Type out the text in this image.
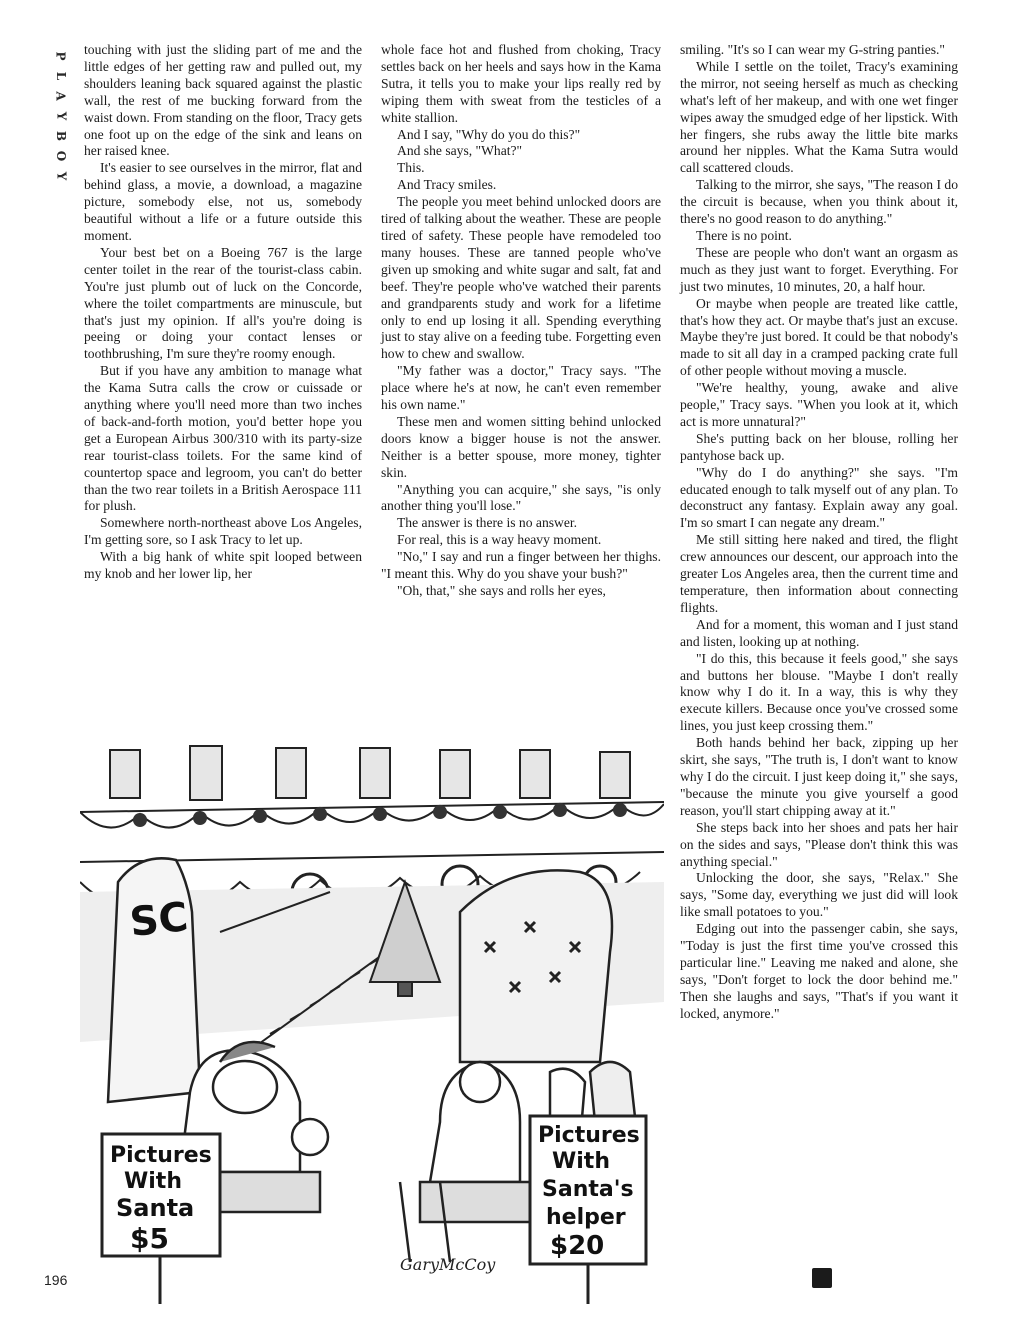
P
L
A
Y
B
O
Y

touching with just the sliding part of me and the little edges of her getting raw and pulled out, my shoulders leaning back squared against the plastic wall, the rest of me bucking forward from the waist down. From standing on the floor, Tracy gets one foot up on the edge of the sink and leans on her raised knee.

It's easier to see ourselves in the mirror, flat and behind glass, a movie, a download, a magazine picture, somebody else, not us, somebody beautiful without a life or a future outside this moment.

Your best bet on a Boeing 767 is the large center toilet in the rear of the tourist-class cabin. You're just plumb out of luck on the Concorde, where the toilet compartments are minuscule, but that's just my opinion. If all's you're doing is peeing or doing your contact lenses or toothbrushing, I'm sure they're roomy enough.

But if you have any ambition to manage what the Kama Sutra calls the crow or cuissade or anything where you'll need more than two inches of back-and-forth motion, you'd better hope you get a European Airbus 300/310 with its party-size rear tourist-class toilets. For the same kind of countertop space and legroom, you can't do better than the two rear toilets in a British Aerospace 111 for plush.

Somewhere north-northeast above Los Angeles, I'm getting sore, so I ask Tracy to let up.

With a big hank of white spit looped between my knob and her lower lip, her

whole face hot and flushed from choking, Tracy settles back on her heels and says how in the Kama Sutra, it tells you to make your lips really red by wiping them with sweat from the testicles of a white stallion.

And I say, "Why do you do this?"

And she says, "What?"

This.

And Tracy smiles.

The people you meet behind unlocked doors are tired of talking about the weather. These are people tired of safety. These people have remodeled too many houses. These are tanned people who've given up smoking and white sugar and salt, fat and beef. They're people who've watched their parents and grandparents study and work for a lifetime only to end up losing it all. Spending everything just to stay alive on a feeding tube. Forgetting even how to chew and swallow.

"My father was a doctor," Tracy says. "The place where he's at now, he can't even remember his own name."

These men and women sitting behind unlocked doors know a bigger house is not the answer. Neither is a better spouse, more money, tighter skin.

"Anything you can acquire," she says, "is only another thing you'll lose."

The answer is there is no answer.

For real, this is a way heavy moment.

"No," I say and run a finger between her thighs. "I meant this. Why do you shave your bush?"

"Oh, that," she says and rolls her eyes,

smiling. "It's so I can wear my G-string panties."

While I settle on the toilet, Tracy's examining the mirror, not seeing herself as much as checking what's left of her makeup, and with one wet finger wipes away the smudged edge of her lipstick. With her fingers, she rubs away the little bite marks around her nipples. What the Kama Sutra would call scattered clouds.

Talking to the mirror, she says, "The reason I do the circuit is because, when you think about it, there's no good reason to do anything."

There is no point.

These are people who don't want an orgasm as much as they just want to forget. Everything. For just two minutes, 10 minutes, 20, a half hour.

Or maybe when people are treated like cattle, that's how they act. Or maybe that's just an excuse. Maybe they're just bored. It could be that nobody's made to sit all day in a cramped packing crate full of other people without moving a muscle.

"We're healthy, young, awake and alive people," Tracy says. "When you look at it, which act is more unnatural?"

She's putting back on her blouse, rolling her pantyhose back up.

"Why do I do anything?" she says. "I'm educated enough to talk myself out of any plan. To deconstruct any fantasy. Explain away any goal. I'm so smart I can negate any dream."

Me still sitting here naked and tired, the flight crew announces our descent, our approach into the greater Los Angeles area, then the current time and temperature, then information about connecting flights.

And for a moment, this woman and I just stand and listen, looking up at nothing.

"I do this, this because it feels good," she says and buttons her blouse. "Maybe I don't really know why I do it. In a way, this is why they execute killers. Because once you've crossed some lines, you just keep crossing them."

Both hands behind her back, zipping up her skirt, she says, "The truth is, I don't want to know why I do the circuit. I just keep doing it," she says, "because the minute you give yourself a good reason, you'll start chipping away at it."

She steps back into her shoes and pats her hair on the sides and says, "Please don't think this was anything special."

Unlocking the door, she says, "Relax." She says, "Some day, everything we just did will look like small potatoes to you."

Edging out into the passenger cabin, she says, "Today is just the first time you've crossed this particular line." Leaving me naked and alone, she says, "Don't forget to lock the door behind me." Then she laughs and says, "That's if you want it locked, anymore."

SC
Pictures
With
Santa
$5
Pictures
With
Santa's
helper
$20
GaryMcCoy
196
